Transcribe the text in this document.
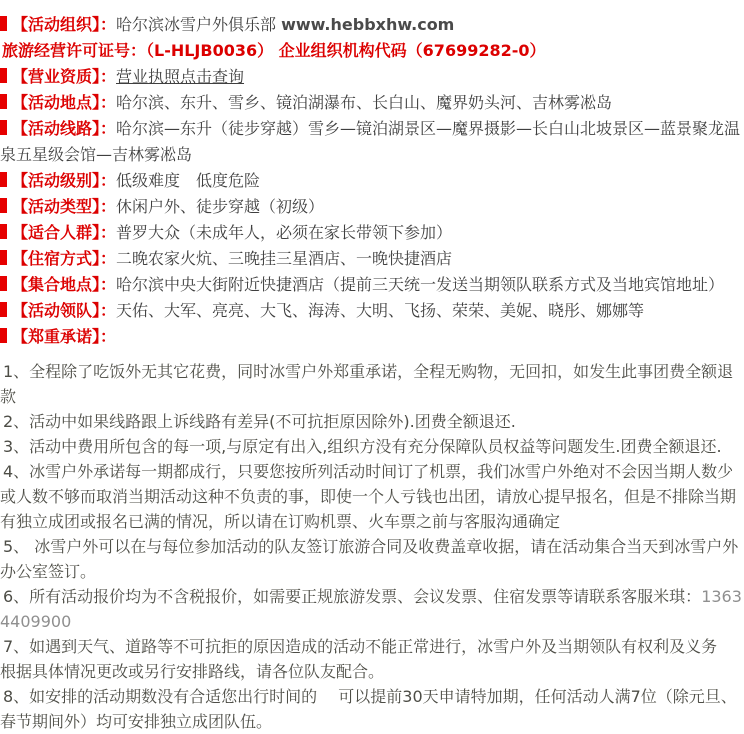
【活动组织】：哈尔滨冰雪户外俱乐部 www.hebbxhw.com
旅游经营许可证号：（L-HLJB0036） 企业组织机构代码（67699282-0）
【营业资质】：营业执照点击查询
【活动地点】：哈尔滨、东升、雪乡、镜泊湖瀑布、长白山、魔界奶头河、吉林雾凇岛
【活动线路】：哈尔滨—东升（徒步穿越）雪乡—镜泊湖景区—魔界摄影—长白山北坡景区—蓝景聚龙温泉五星级会馆—吉林雾凇岛
【活动级别】：低级难度　低度危险
【活动类型】：休闲户外、徒步穿越（初级）
【适合人群】：普罗大众（未成年人，必须在家长带领下参加）
【住宿方式】：二晚农家火炕、三晚挂三星酒店、一晚快捷酒店
【集合地点】：哈尔滨中央大街附近快捷酒店（提前三天统一发送当期领队联系方式及当地宾馆地址）
【活动领队】：天佑、大军、亮亮、大飞、海涛、大明、飞扬、荣荣、美妮、晓彤、娜娜等
【郑重承诺】：
1、全程除了吃饭外无其它花费，同时冰雪户外郑重承诺，全程无购物，无回扣，如发生此事团费全额退款
2、活动中如果线路跟上诉线路有差异(不可抗拒原因除外).团费全额退还.
3、活动中费用所包含的每一项,与原定有出入,组织方没有充分保障队员权益等问题发生.团费全额退还.
4、冰雪户外承诺每一期都成行，只要您按所列活动时间订了机票，我们冰雪户外绝对不会因当期人数少或人数不够而取消当期活动这种不负责的事，即使一个人亏钱也出团，请放心提早报名，但是不排除当期有独立成团或报名已满的情况，所以请在订购机票、火车票之前与客服沟通确定
5、 冰雪户外可以在与每位参加活动的队友签订旅游合同及收费盖章收据，请在活动集合当天到冰雪户外办公室签订。
6、所有活动报价均为不含税报价，如需要正规旅游发票、会议发票、住宿发票等请联系客服米琪：13634409900
7、如遇到天气、道路等不可抗拒的原因造成的活动不能正常进行，冰雪户外及当期领队有权利及义务　根据具体情况更改或另行安排路线，请各位队友配合。
8、如安排的活动期数没有合适您出行时间的　 可以提前30天申请特加期，任何活动人满7位（除元旦、春节期间外）均可安排独立成团队伍。
